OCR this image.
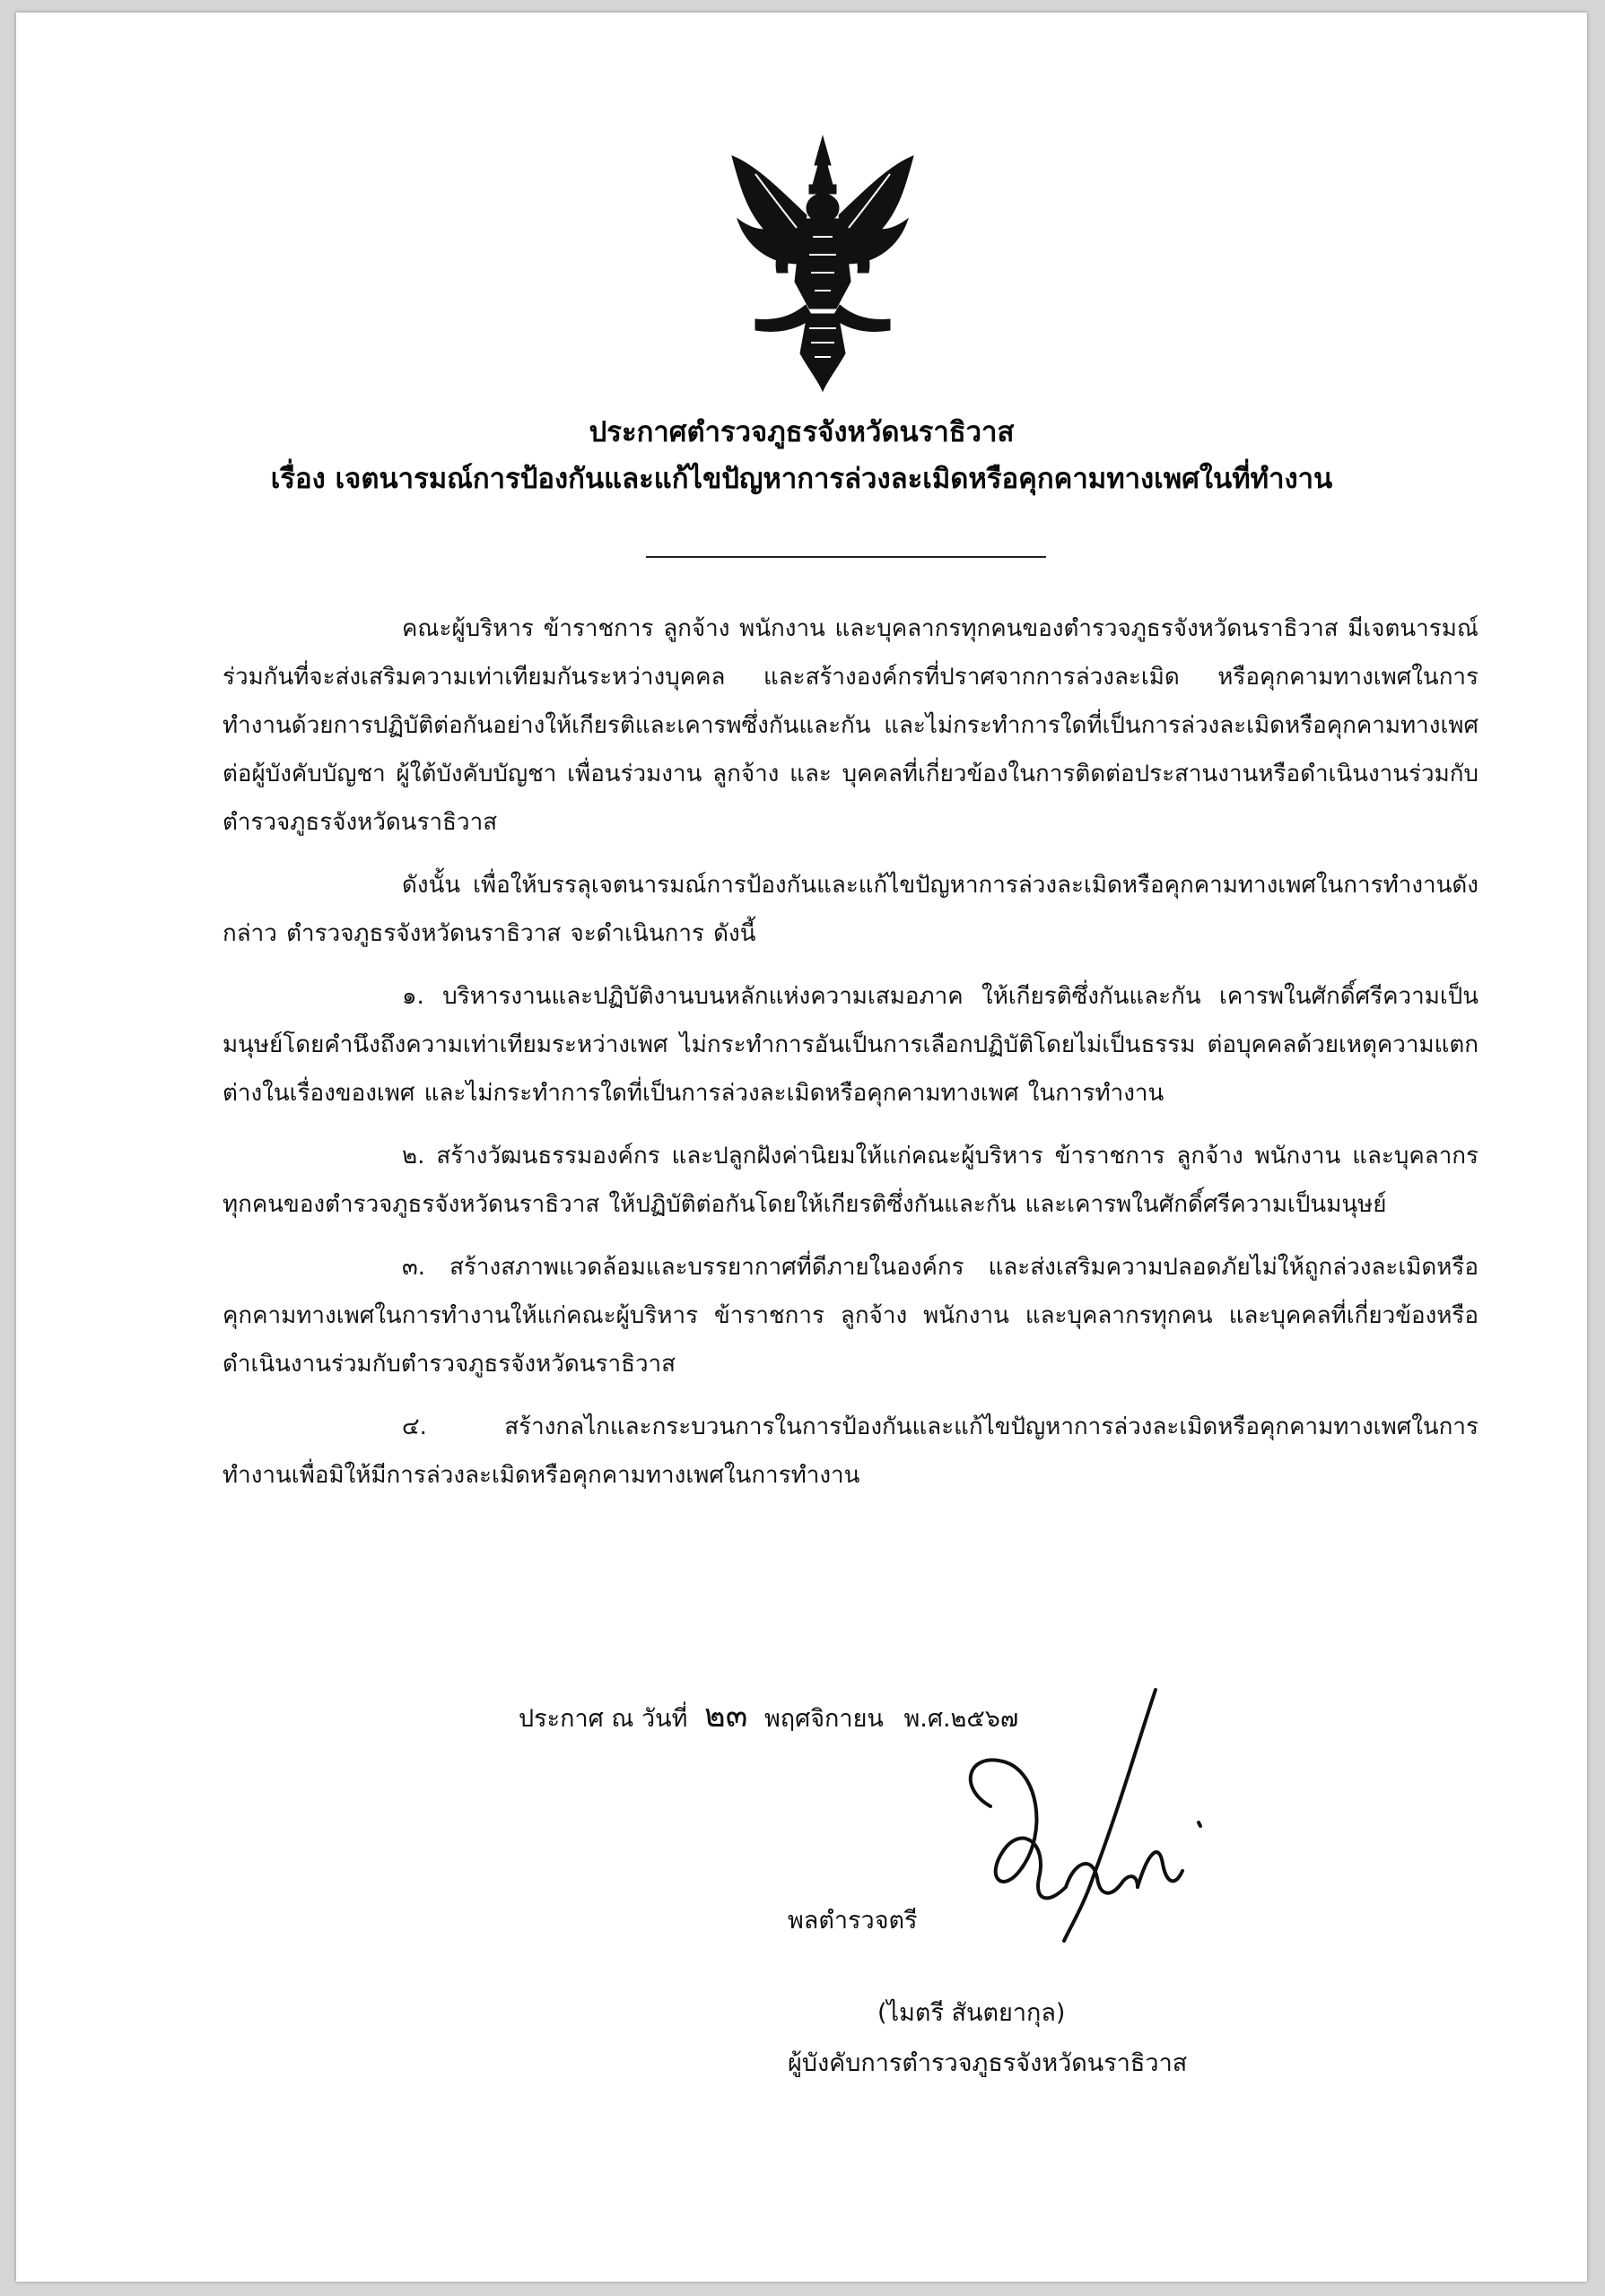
ประกาศตำรวจภูธรจังหวัดนราธิวาส
เรื่อง เจตนารมณ์การป้องกันและแก้ไขปัญหาการล่วงละเมิดหรือคุกคามทางเพศในที่ทำงาน

คณะผู้บริหาร ข้าราชการ ลูกจ้าง พนักงาน และบุคลากรทุกคนของตำรวจภูธรจังหวัดนราธิวาส มีเจตนารมณ์ร่วมกันที่จะส่งเสริมความเท่าเทียมกันระหว่างบุคคล และสร้างองค์กรที่ปราศจากการล่วงละเมิด หรือคุกคามทางเพศในการทำงานด้วยการปฏิบัติต่อกันอย่างให้เกียรติและเคารพซึ่งกันและกัน และไม่กระทำการใดที่เป็นการล่วงละเมิดหรือคุกคามทางเพศต่อผู้บังคับบัญชา ผู้ใต้บังคับบัญชา เพื่อนร่วมงาน ลูกจ้าง และ บุคคลที่เกี่ยวข้องในการติดต่อประสานงานหรือดำเนินงานร่วมกับตำรวจภูธรจังหวัดนราธิวาส

ดังนั้น เพื่อให้บรรลุเจตนารมณ์การป้องกันและแก้ไขปัญหาการล่วงละเมิดหรือคุกคามทางเพศในการทำงานดังกล่าว ตำรวจภูธรจังหวัดนราธิวาส จะดำเนินการ ดังนี้

๑. บริหารงานและปฏิบัติงานบนหลักแห่งความเสมอภาค ให้เกียรติซึ่งกันและกัน เคารพในศักดิ์ศรีความเป็นมนุษย์โดยคำนึงถึงความเท่าเทียมระหว่างเพศ ไม่กระทำการอันเป็นการเลือกปฏิบัติโดยไม่เป็นธรรม ต่อบุคคลด้วยเหตุความแตกต่างในเรื่องของเพศ และไม่กระทำการใดที่เป็นการล่วงละเมิดหรือคุกคามทางเพศ ในการทำงาน

๒. สร้างวัฒนธรรมองค์กร และปลูกฝังค่านิยมให้แก่คณะผู้บริหาร ข้าราชการ ลูกจ้าง พนักงาน และบุคลากรทุกคนของตำรวจภูธรจังหวัดนราธิวาส ให้ปฏิบัติต่อกันโดยให้เกียรติซึ่งกันและกัน และเคารพในศักดิ์ศรีความเป็นมนุษย์

๓. สร้างสภาพแวดล้อมและบรรยากาศที่ดีภายในองค์กร และส่งเสริมความปลอดภัยไม่ให้ถูกล่วงละเมิดหรือคุกคามทางเพศในการทำงานให้แก่คณะผู้บริหาร ข้าราชการ ลูกจ้าง พนักงาน และบุคลากรทุกคน และบุคคลที่เกี่ยวข้องหรือดำเนินงานร่วมกับตำรวจภูธรจังหวัดนราธิวาส

๔. สร้างกลไกและกระบวนการในการป้องกันและแก้ไขปัญหาการล่วงละเมิดหรือคุกคามทางเพศในการทำงานเพื่อมิให้มีการล่วงละเมิดหรือคุกคามทางเพศในการทำงาน

ประกาศ ณ วันที่ ๒๓ พฤศจิกายน พ.ศ.๒๕๖๗
พลตำรวจตรี
(ไมตรี สันตยากุล)
ผู้บังคับการตำรวจภูธรจังหวัดนราธิวาส
